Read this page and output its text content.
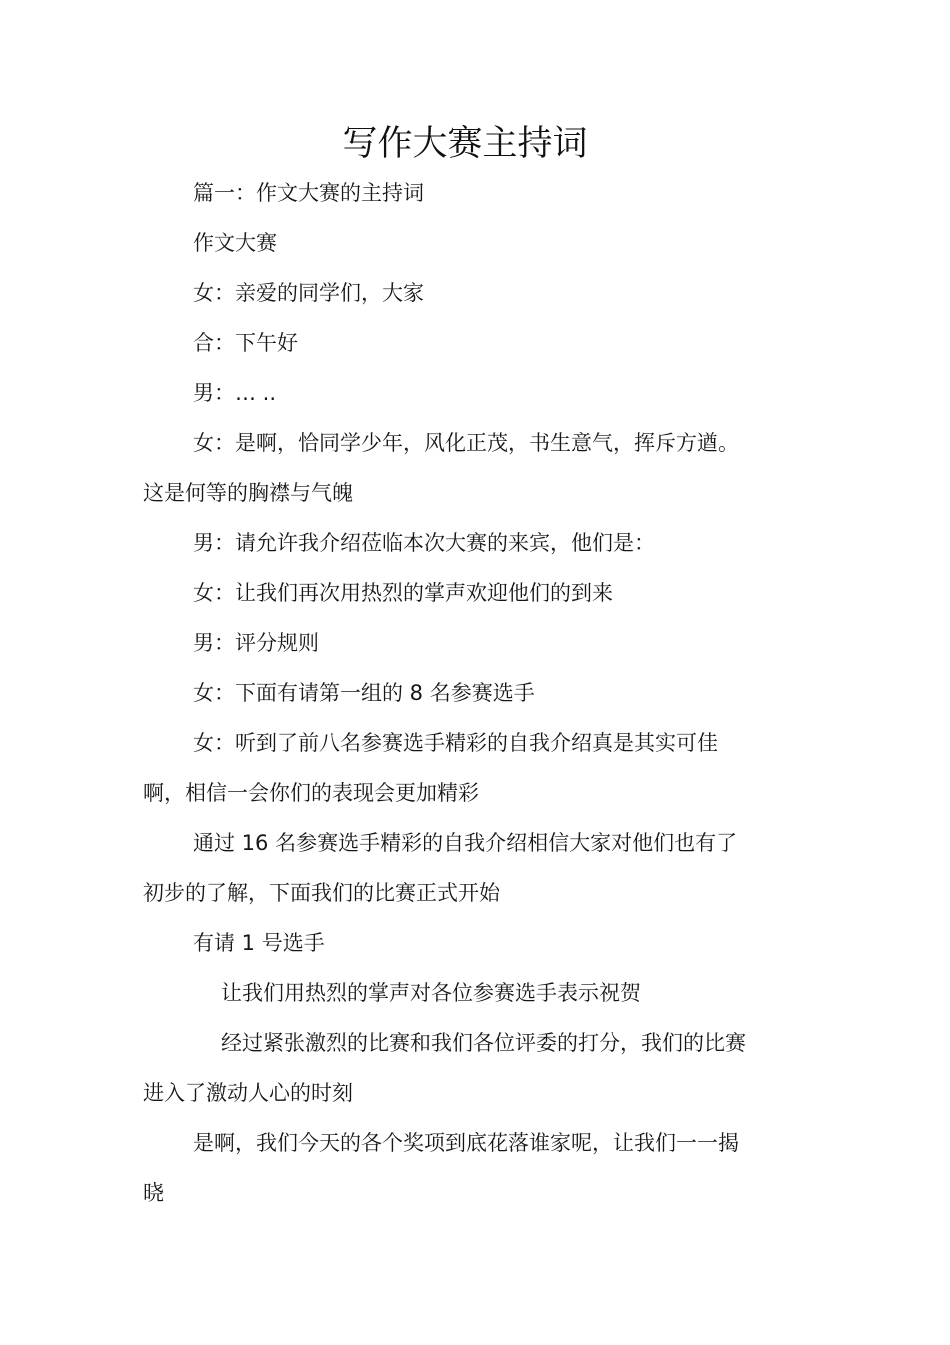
写作大赛主持词

篇一：作文大赛的主持词

作文大赛

女：亲爱的同学们，大家

合：下午好

男：… ..

女：是啊，恰同学少年，风化正茂，书生意气，挥斥方遒。这是何等的胸襟与气魄

男：请允许我介绍莅临本次大赛的来宾，他们是：

女：让我们再次用热烈的掌声欢迎他们的到来

男：评分规则

女：下面有请第一组的 8 名参赛选手

女：听到了前八名参赛选手精彩的自我介绍真是其实可佳啊，相信一会你们的表现会更加精彩

通过 16 名参赛选手精彩的自我介绍相信大家对他们也有了初步的了解，下面我们的比赛正式开始

有请 1 号选手

让我们用热烈的掌声对各位参赛选手表示祝贺

经过紧张激烈的比赛和我们各位评委的打分，我们的比赛进入了激动人心的时刻

是啊，我们今天的各个奖项到底花落谁家呢，让我们一一揭晓
